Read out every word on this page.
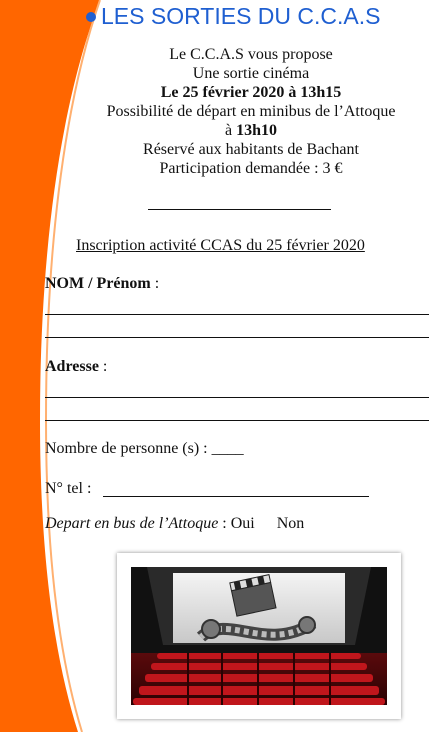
LES SORTIES DU C.C.A.S
Le C.C.A.S vous propose
Une sortie cinéma
Le 25 février 2020 à 13h15
Possibilité de départ en minibus de l’Attoque
à 13h10
Réservé aux habitants de Bachant
Participation demandée : 3 €
Inscription activité CCAS du 25 février 2020
NOM / Prénom :
Adresse :
Nombre de personne (s) : ____
N° tel :
Depart en bus de l’Attoque : Oui Non
